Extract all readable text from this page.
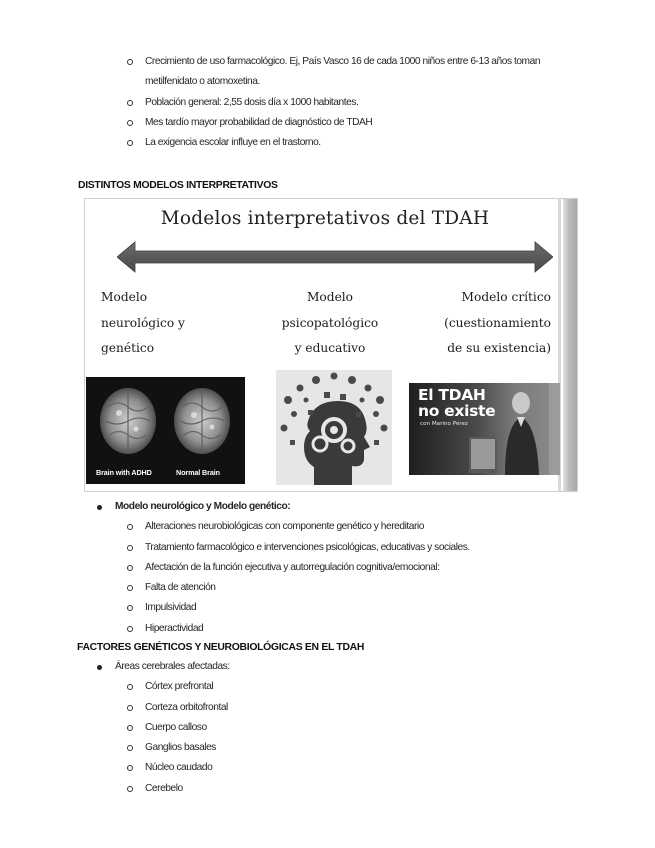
Crecimiento de uso farmacológico. Ej, País Vasco 16 de cada 1000 niños entre 6-13 años toman
metilfenidato o atomoxetina.
Población general: 2,55 dosis día x 1000 habitantes.
Mes tardío mayor probabilidad de diagnóstico de TDAH
La exigencia escolar influye en el trastorno.
DISTINTOS MODELOS INTERPRETATIVOS
Modelos interpretativos del TDAH
Modelo
neurológico y
genético
Modelo
psicopatológico
y educativo
Modelo crítico
(cuestionamiento
de su existencia)
Brain with ADHD	Normal Brain
El TDAH
no existe
con Marino Pérez
Modelo neurológico y Modelo genético:
Alteraciones neurobiológicas con componente genético y hereditario
Tratamiento farmacológico e intervenciones psicológicas, educativas y sociales.
Afectación de la función ejecutiva y autorregulación cognitiva/emocional:
Falta de atención
Impulsividad
Hiperactividad
FACTORES GENÉTICOS Y NEUROBIOLÓGICAS EN EL TDAH
Áreas cerebrales afectadas:
Córtex prefrontal
Corteza orbitofrontal
Cuerpo calloso
Ganglios basales
Núcleo caudado
Cerebelo
